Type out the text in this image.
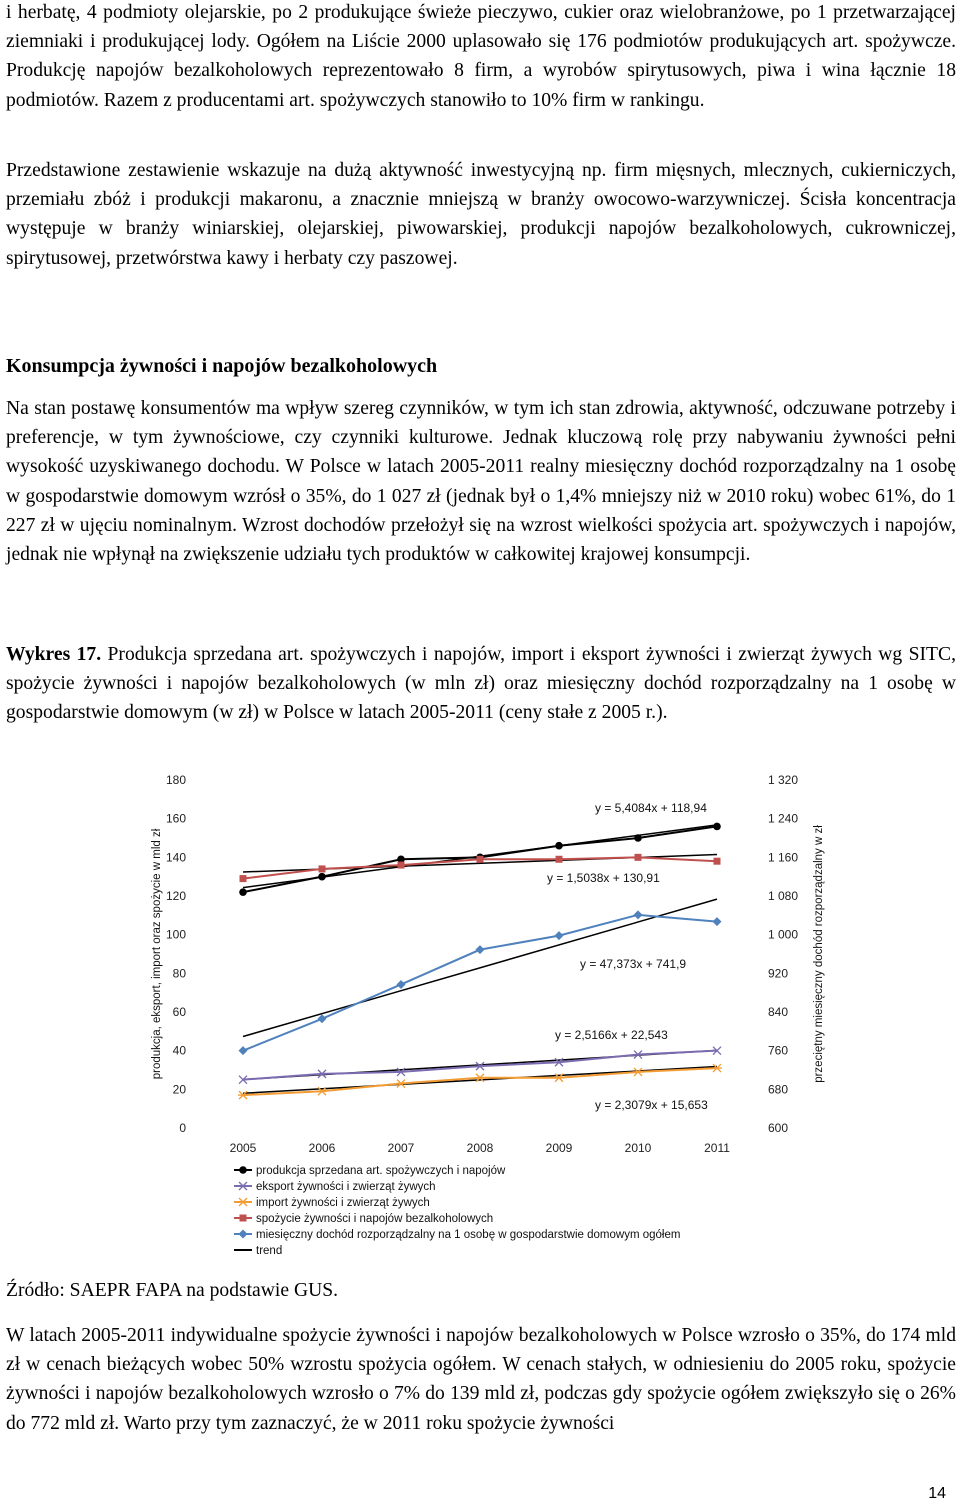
i herbatę, 4 podmioty olejarskie, po 2 produkujące świeże pieczywo, cukier oraz wielobranżowe, po 1 przetwarzającej ziemniaki i produkującej lody. Ogółem na Liście 2000 uplasowało się 176 podmiotów produkujących art. spożywcze. Produkcję napojów bezalkoholowych reprezentowało 8 firm, a wyrobów spirytusowych, piwa i wina łącznie 18 podmiotów. Razem z producentami art. spożywczych stanowiło to 10% firm w rankingu.

Przedstawione zestawienie wskazuje na dużą aktywność inwestycyjną np. firm mięsnych, mlecznych, cukierniczych, przemiału zbóż i produkcji makaronu, a znacznie mniejszą w branży owocowo-warzywniczej. Ścisła koncentracja występuje w branży winiarskiej, olejarskiej, piwowarskiej, produkcji napojów bezalkoholowych, cukrowniczej, spirytusowej, przetwórstwa kawy i herbaty czy paszowej.

Konsumpcja żywności i napojów bezalkoholowych

Na stan postawę konsumentów ma wpływ szereg czynników, w tym ich stan zdrowia, aktywność, odczuwane potrzeby i preferencje, w tym żywnościowe, czy czynniki kulturowe. Jednak kluczową rolę przy nabywaniu żywności pełni wysokość uzyskiwanego dochodu. W Polsce w latach 2005-2011 realny miesięczny dochód rozporządzalny na 1 osobę w gospodarstwie domowym wzrósł o 35%, do 1 027 zł (jednak był o 1,4% mniejszy niż w 2010 roku) wobec 61%, do 1 227 zł w ujęciu nominalnym. Wzrost dochodów przełożył się na wzrost wielkości spożycia art. spożywczych i napojów, jednak nie wpłynął na zwiększenie udziału tych produktów w całkowitej krajowej konsumpcji.

Wykres 17. Produkcja sprzedana art. spożywczych i napojów, import i eksport żywności i zwierząt żywych wg SITC, spożycie żywności i napojów bezalkoholowych (w mln zł) oraz miesięczny dochód rozporządzalny na 1 osobę w gospodarstwie domowym (w zł) w Polsce w latach 2005-2011 (ceny stałe z 2005 r.).

0
20
40
60
80
100
120
140
160
180
600
680
760
840
920
1 000
1 080
1 160
1 240
1 320
2005	2006	2007	2008	2009	2010	2011
produkcja, eksport, import oraz spożycie w mld zł	przeciętny miesięczny dochód rozporządzalny w zł
y = 5,4084x + 118,94
y = 1,5038x + 130,91
y = 47,373x + 741,9
y = 2,5166x + 22,543
y = 2,3079x + 15,653
produkcja sprzedana art. spożywczych i napojów
eksport żywności i zwierząt żywych
import żywności i zwierząt żywych
spożycie żywności i napojów bezalkoholowych
miesięczny dochód rozporządzalny na 1 osobę w gospodarstwie domowym ogółem
trend
Źródło: SAEPR FAPA na podstawie GUS.

W latach 2005-2011 indywidualne spożycie żywności i napojów bezalkoholowych w Polsce wzrosło o 35%, do 174 mld zł w cenach bieżących wobec 50% wzrostu spożycia ogółem. W cenach stałych, w odniesieniu do 2005 roku, spożycie żywności i napojów bezalkoholowych wzrosło o 7% do 139 mld zł, podczas gdy spożycie ogółem zwiększyło się o 26% do 772 mld zł. Warto przy tym zaznaczyć, że w 2011 roku spożycie żywności

14
